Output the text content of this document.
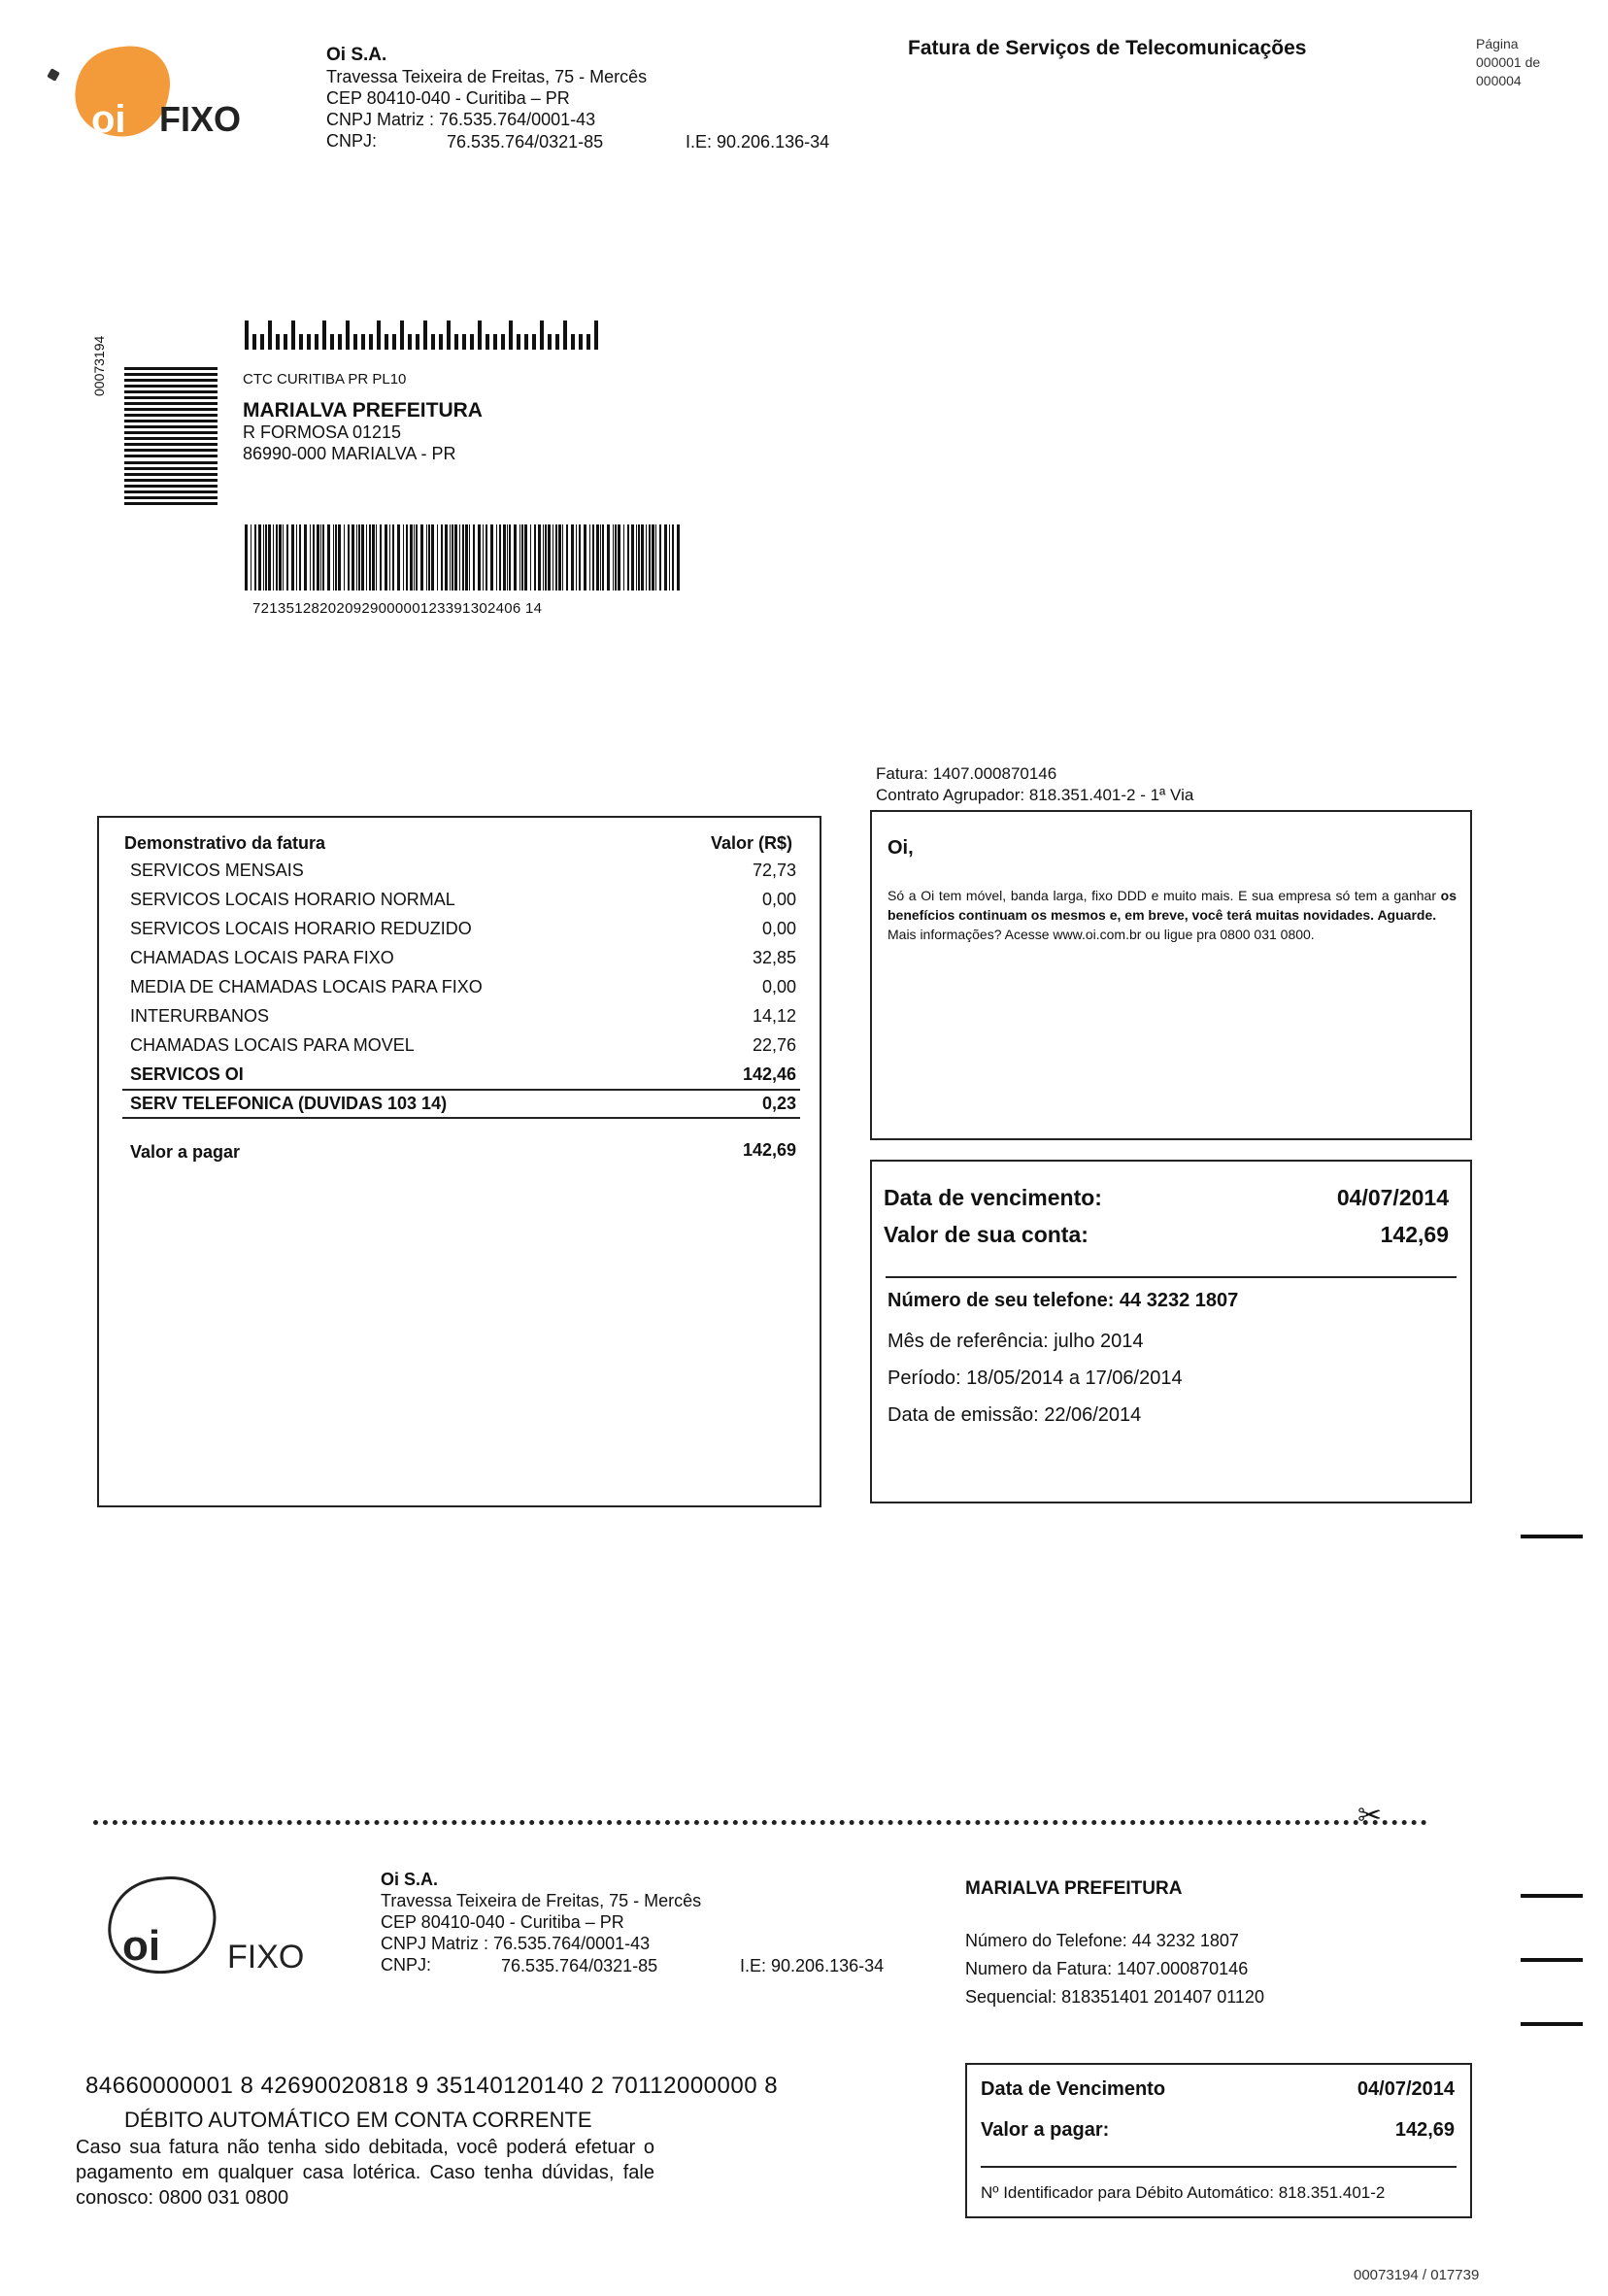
oi FIXO
Oi S.A.
Travessa Teixeira de Freitas, 75 - Mercês
CEP 80410-040 - Curitiba – PR
CNPJ Matriz : 76.535.764/0001-43
CNPJ:	76.535.764/0321-85	I.E: 90.206.136-34
Fatura de Serviços de Telecomunicações	Página
000001 de
000004
00073194	CTC CURITIBA PR PL10
MARIALVA PREFEITURA
R FORMOSA 01215
86990-000 MARIALVA - PR
72135128202092900000123391302406 14
Fatura: 1407.000870146
Contrato Agrupador: 818.351.401-2 - 1ª Via
Demonstrativo da fatura	Valor (R$)
SERVICOS MENSAIS	72,73
SERVICOS LOCAIS HORARIO NORMAL	0,00
SERVICOS LOCAIS HORARIO REDUZIDO	0,00
CHAMADAS LOCAIS PARA FIXO	32,85
MEDIA DE CHAMADAS LOCAIS PARA FIXO	0,00
INTERURBANOS	14,12
CHAMADAS LOCAIS PARA MOVEL	22,76
SERVICOS OI	142,46
SERV TELEFONICA (DUVIDAS 103 14)	0,23
Valor a pagar	142,69
Oi,
Só a Oi tem móvel, banda larga, fixo DDD e muito mais. E sua empresa só tem a ganhar os benefícios continuam os mesmos e, em breve, você terá muitas novidades. Aguarde.
Mais informações? Acesse www.oi.com.br ou ligue pra 0800 031 0800.
Data de vencimento:	04/07/2014
Valor de sua conta:	142,69
Número de seu telefone: 44 3232 1807
Mês de referência: julho 2014
Período: 18/05/2014 a 17/06/2014
Data de emissão: 22/06/2014
✂
oi FIXO
Oi S.A.
Travessa Teixeira de Freitas, 75 - Mercês
CEP 80410-040 - Curitiba – PR
CNPJ Matriz : 76.535.764/0001-43
CNPJ:	76.535.764/0321-85	I.E: 90.206.136-34
MARIALVA PREFEITURA
Número do Telefone: 44 3232 1807
Numero da Fatura: 1407.000870146
Sequencial: 818351401 201407 01120
84660000001 8 42690020818 9 35140120140 2 70112000000 8
DÉBITO AUTOMÁTICO EM CONTA CORRENTE
Caso sua fatura não tenha sido debitada, você poderá efetuar o pagamento em qualquer casa lotérica. Caso tenha dúvidas, fale conosco: 0800 031 0800
Data de Vencimento	04/07/2014
Valor a pagar:	142,69
Nº Identificador para Débito Automático: 818.351.401-2
00073194 / 017739
